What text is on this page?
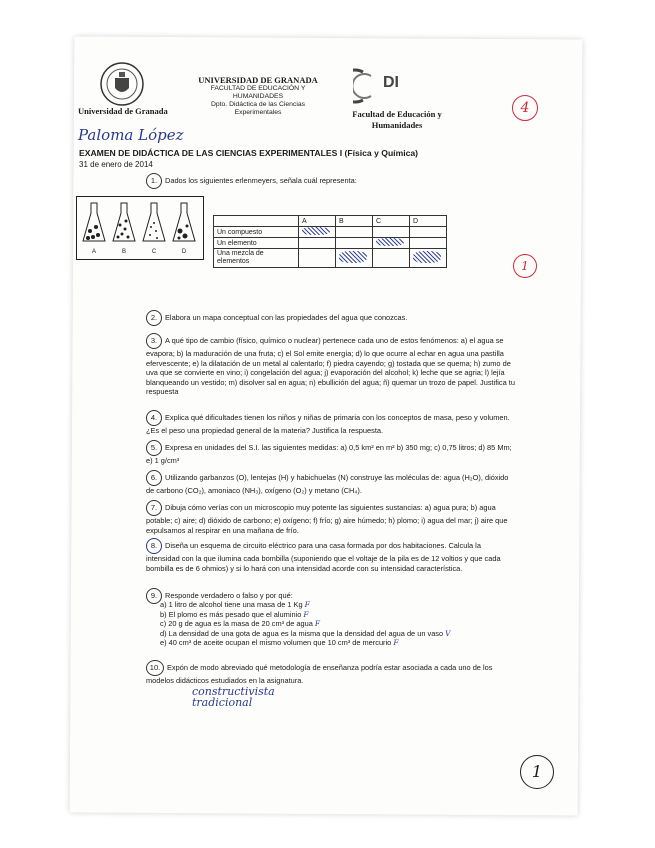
Universidad de Granada
UNIVERSIDAD DE GRANADA
FACULTAD DE EDUCACIÓN Y
HUMANIDADES
Dpto. Didáctica de las Ciencias
Experimentales
DI
Facultad de Educación y
Humanidades
4
Paloma López
EXAMEN DE DIDÁCTICA DE LAS CIENCIAS EXPERIMENTALES I (Física y Química)
31 de enero de 2014
1. Dados los siguientes erlenmeyers, señala cuál representa:
A	B	C	D
	A	B	C	D
Un compuesto				
Un elemento				
Una mezcla de elementos					1
2. Elabora un mapa conceptual con las propiedades del agua que conozcas.
3. A qué tipo de cambio (físico, químico o nuclear) pertenece cada uno de estos fenómenos: a) el agua se evapora; b) la maduración de una fruta; c) el Sol emite energía; d) lo que ocurre al echar en agua una pastilla efervescente; e) la dilatación de un metal al calentarlo; f) piedra cayendo; g) tostada que se quema; h) zumo de uva que se convierte en vino; i) congelación del agua; j) evaporación del alcohol; k) leche que se agria; l) lejía blanqueando un vestido; m) disolver sal en agua; n) ebullición del agua; ñ) quemar un trozo de papel. Justifica tu respuesta
4. Explica qué dificultades tienen los niños y niñas de primaria con los conceptos de masa, peso y volumen. ¿Es el peso una propiedad general de la materia? Justifica la respuesta.
5. Expresa en unidades del S.I. las siguientes medidas: a) 0,5 km² en m² b) 350 mg; c) 0,75 litros; d) 85 Mm; e) 1 g/cm³
6. Utilizando garbanzos (O), lentejas (H) y habichuelas (N) construye las moléculas de: agua (H₂O), dióxido de carbono (CO₂), amoniaco (NH₃), oxígeno (O₂) y metano (CH₄).
7. Dibuja cómo verías con un microscopio muy potente las siguientes sustancias: a) agua pura; b) agua potable; c) aire; d) dióxido de carbono; e) oxígeno; f) frío; g) aire húmedo; h) plomo; i) agua del mar; j) aire que expulsamos al respirar en una mañana de frío.
8. Diseña un esquema de circuito eléctrico para una casa formada por dos habitaciones. Calcula la intensidad con la que ilumina cada bombilla (suponiendo que el voltaje de la pila es de 12 voltios y que cada bombilla es de 6 ohmios) y si lo hará con una intensidad acorde con su intensidad característica.
9. Responde verdadero o falso y por qué:
a) 1 litro de alcohol tiene una masa de 1 Kg F
b) El plomo es más pesado que el aluminio F
c) 20 g de agua es la masa de 20 cm³ de agua F
d) La densidad de una gota de agua es la misma que la densidad del agua de un vaso V
e) 40 cm³ de aceite ocupan el mismo volumen que 10 cm³ de mercurio F
10. Expón de modo abreviado qué metodología de enseñanza podría estar asociada a cada uno de los modelos didácticos estudiados en la asignatura.
constructivista
tradicional
1
